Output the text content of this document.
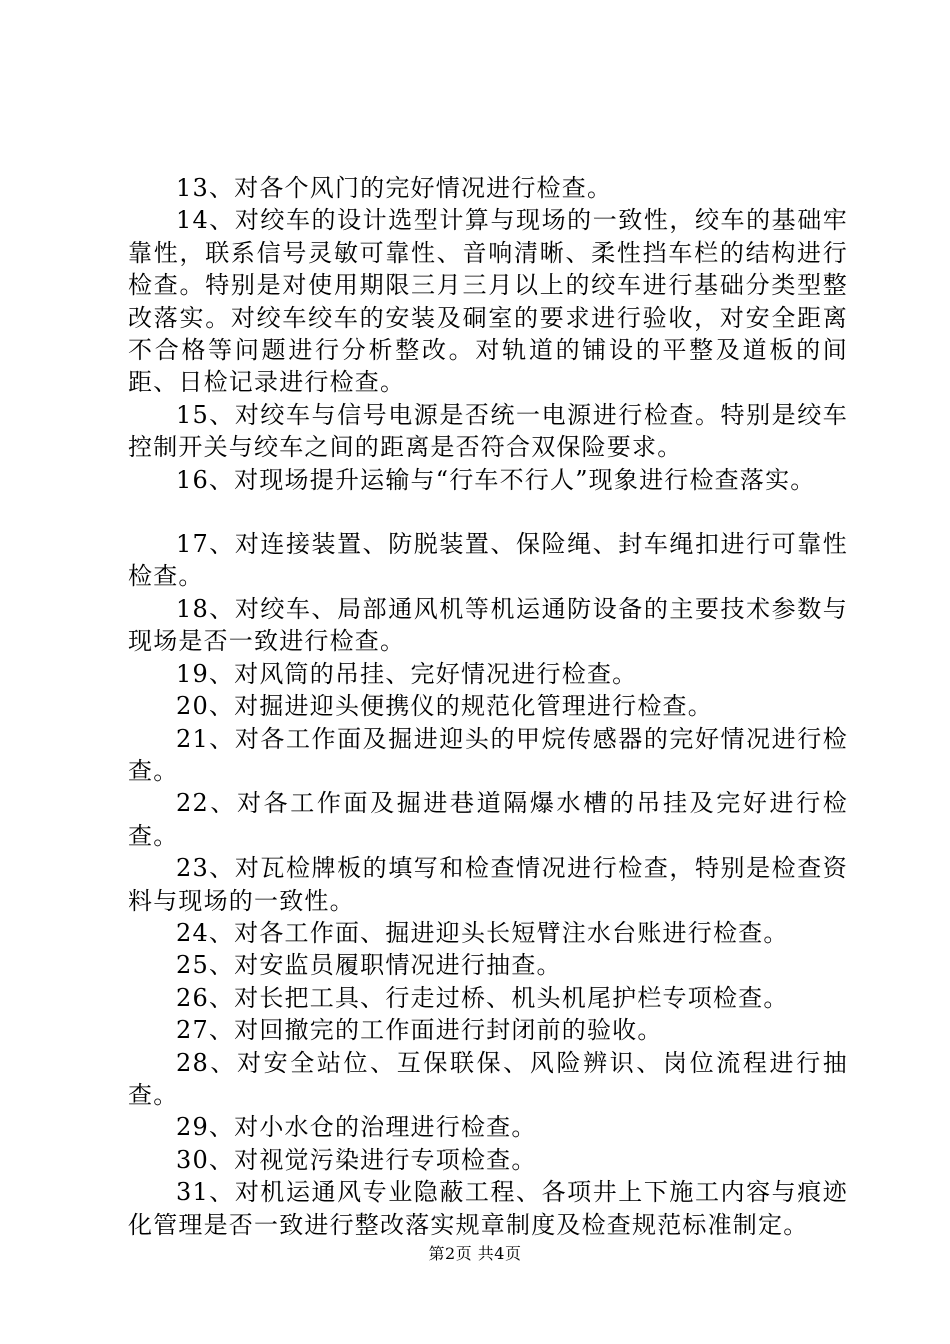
13、对各个风门的完好情况进行检查。

14、对绞车的设计选型计算与现场的一致性，绞车的基础牢靠性，联系信号灵敏可靠性、音响清晰、柔性挡车栏的结构进行检查。特别是对使用期限三月三月以上的绞车进行基础分类型整改落实。对绞车绞车的安装及硐室的要求进行验收，对安全距离不合格等问题进行分析整改。对轨道的铺设的平整及道板的间距、日检记录进行检查。

15、对绞车与信号电源是否统一电源进行检查。特别是绞车控制开关与绞车之间的距离是否符合双保险要求。

16、对现场提升运输与“行车不行人”现象进行检查落实。

17、对连接装置、防脱装置、保险绳、封车绳扣进行可靠性检查。

18、对绞车、局部通风机等机运通防设备的主要技术参数与现场是否一致进行检查。

19、对风筒的吊挂、完好情况进行检查。

20、对掘进迎头便携仪的规范化管理进行检查。

21、对各工作面及掘进迎头的甲烷传感器的完好情况进行检查。

22、对各工作面及掘进巷道隔爆水槽的吊挂及完好进行检查。

23、对瓦检牌板的填写和检查情况进行检查，特别是检查资料与现场的一致性。

24、对各工作面、掘进迎头长短臂注水台账进行检查。

25、对安监员履职情况进行抽查。

26、对长把工具、行走过桥、机头机尾护栏专项检查。

27、对回撤完的工作面进行封闭前的验收。

28、对安全站位、互保联保、风险辨识、岗位流程进行抽查。

29、对小水仓的治理进行检查。

30、对视觉污染进行专项检查。

31、对机运通风专业隐蔽工程、各项井上下施工内容与痕迹化管理是否一致进行整改落实规章制度及检查规范标准制定。

第2页 共4页
